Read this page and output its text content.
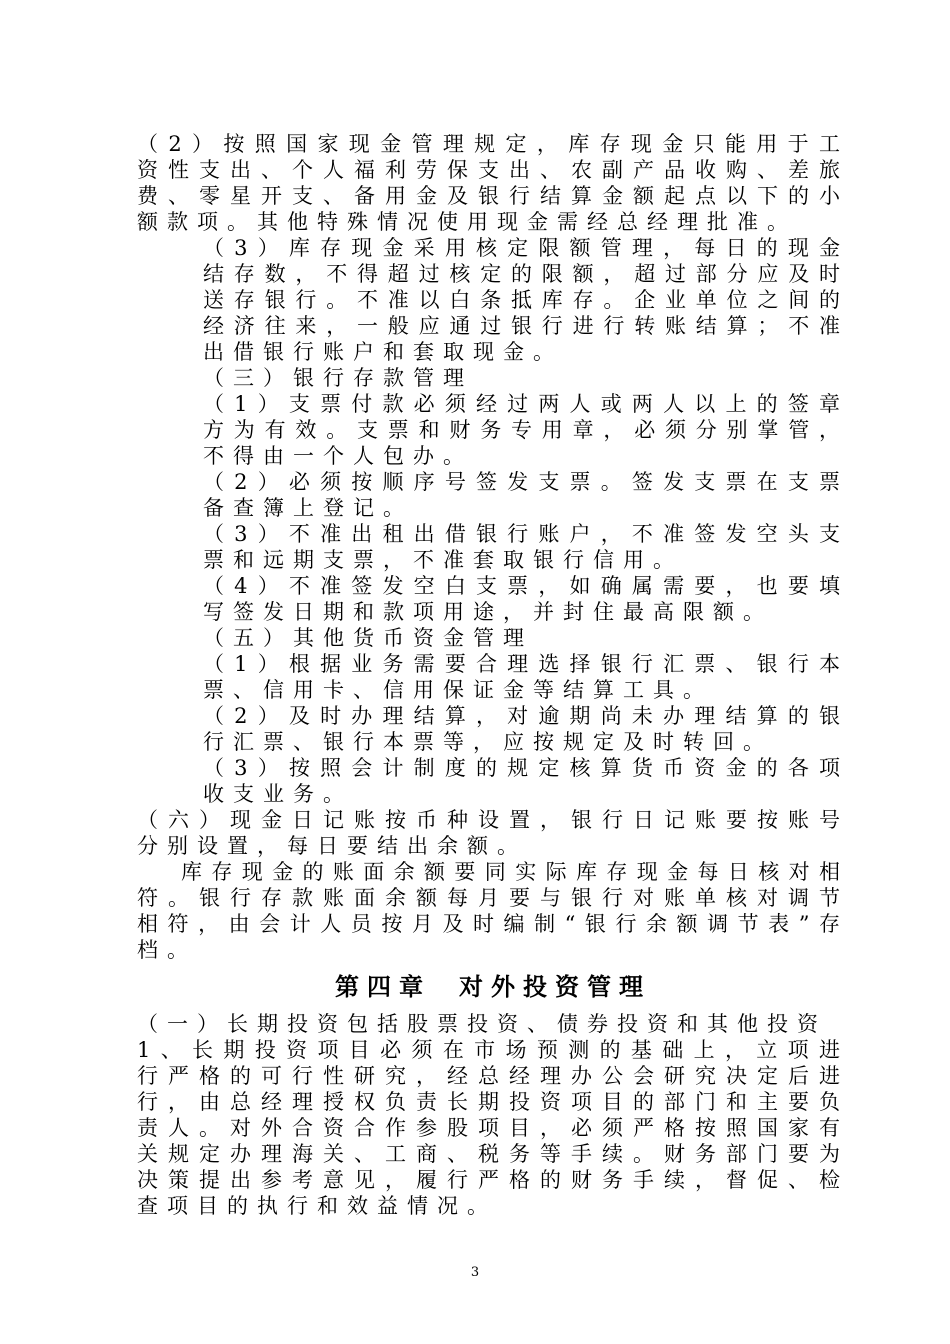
（2）按照国家现金管理规定，库存现金只能用于工资性支出、个人福利劳保支出、农副产品收购、差旅费、零星开支、备用金及银行结算金额起点以下的小额款项。其他特殊情况使用现金需经总经理批准。

（3）库存现金采用核定限额管理，每日的现金结存数，不得超过核定的限额，超过部分应及时送存银行。不准以白条抵库存。企业单位之间的经济往来，一般应通过银行进行转账结算；不准出借银行账户和套取现金。

（三）银行存款管理

（1）支票付款必须经过两人或两人以上的签章方为有效。支票和财务专用章，必须分别掌管，不得由一个人包办。

（2）必须按顺序号签发支票。签发支票在支票备查簿上登记。

（3）不准出租出借银行账户，不准签发空头支票和远期支票，不准套取银行信用。

（4）不准签发空白支票，如确属需要，也要填写签发日期和款项用途，并封住最高限额。

（五）其他货币资金管理

（1）根据业务需要合理选择银行汇票、银行本票、信用卡、信用保证金等结算工具。

（2）及时办理结算，对逾期尚未办理结算的银行汇票、银行本票等，应按规定及时转回。

（3）按照会计制度的规定核算货币资金的各项收支业务。

（六）现金日记账按币种设置，银行日记账要按账号分别设置，每日要结出余额。

库存现金的账面余额要同实际库存现金每日核对相符。银行存款账面余额每月要与银行对账单核对调节相符，由会计人员按月及时编制“银行余额调节表”存档。

第四章 对外投资管理

（一）长期投资包括股票投资、债券投资和其他投资

1、长期投资项目必须在市场预测的基础上，立项进行严格的可行性研究，经总经理办公会研究决定后进行，由总经理授权负责长期投资项目的部门和主要负责人。对外合资合作参股项目，必须严格按照国家有关规定办理海关、工商、税务等手续。财务部门要为决策提出参考意见，履行严格的财务手续，督促、检查项目的执行和效益情况。

3
